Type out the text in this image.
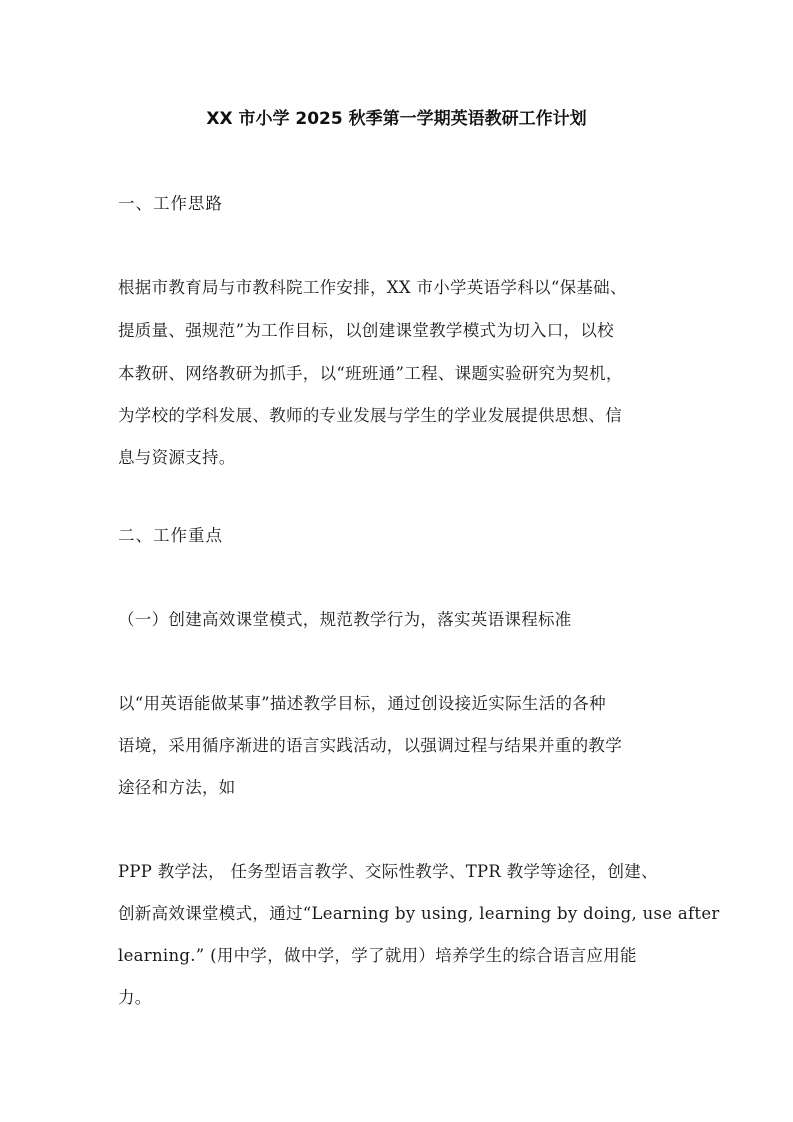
XX 市小学 2025 秋季第一学期英语教研工作计划
一、工作思路
根据市教育局与市教科院工作安排，XX 市小学英语学科以“保基础、
提质量、强规范”为工作目标，以创建课堂教学模式为切入口，以校
本教研、网络教研为抓手，以“班班通”工程、课题实验研究为契机，
为学校的学科发展、教师的专业发展与学生的学业发展提供思想、信
息与资源支持。
二、工作重点
（一）创建高效课堂模式，规范教学行为，落实英语课程标准
以“用英语能做某事”描述教学目标，通过创设接近实际生活的各种
语境，采用循序渐进的语言实践活动，以强调过程与结果并重的教学
途径和方法，如
PPP 教学法， 任务型语言教学、交际性教学、TPR 教学等途径，创建、
创新高效课堂模式，通过“Learning by using, learning by doing, use after
learning.” (用中学，做中学，学了就用）培养学生的综合语言应用能
力。
